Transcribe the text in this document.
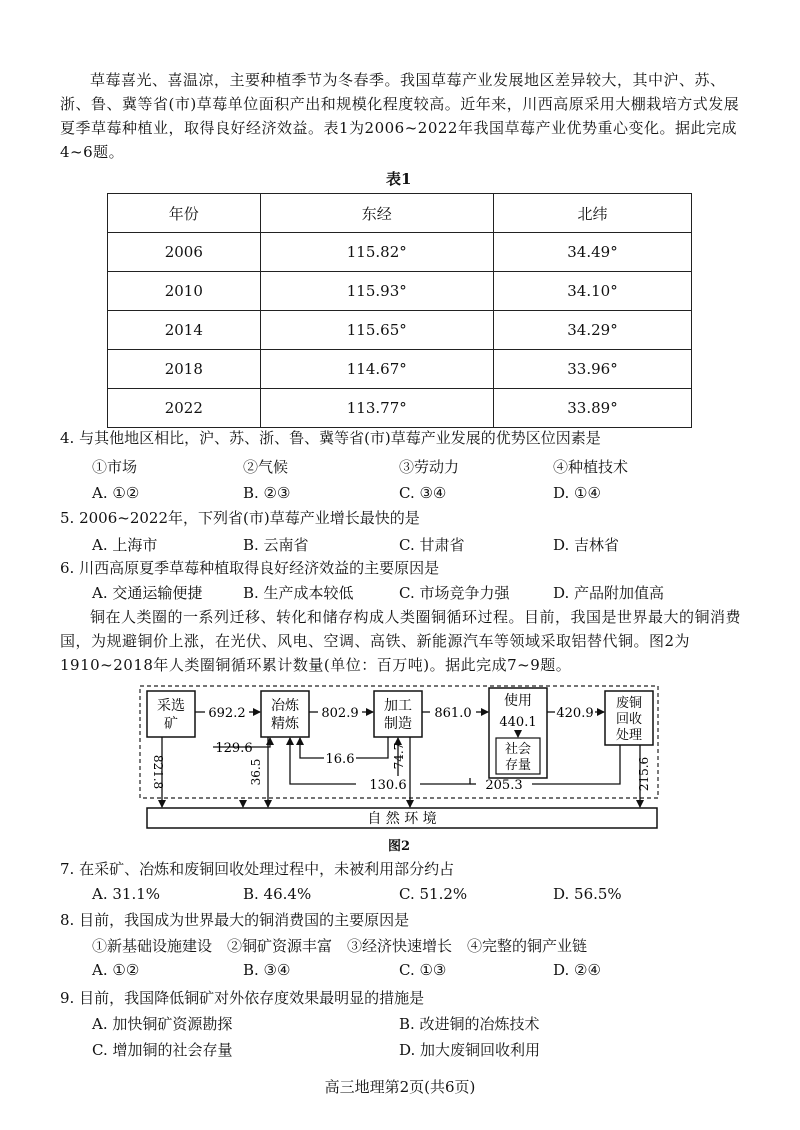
草莓喜光、喜温凉，主要种植季节为冬春季。我国草莓产业发展地区差异较大，其中沪、苏、浙、鲁、冀等省(市)草莓单位面积产出和规模化程度较高。近年来，川西高原采用大棚栽培方式发展夏季草莓种植业，取得良好经济效益。表1为2006~2022年我国草莓产业优势重心变化。据此完成4~6题。

表1
年份	东经	北纬
2006	115.82°	34.49°
2010	115.93°	34.10°
2014	115.65°	34.29°
2018	114.67°	33.96°
2022	113.77°	33.89°
4. 与其他地区相比，沪、苏、浙、鲁、冀等省(市)草莓产业发展的优势区位因素是
①市场	②气候	③劳动力	④种植技术
A. ①②	B. ②③	C. ③④	D. ①④
5. 2006~2022年，下列省(市)草莓产业增长最快的是
A. 上海市	B. 云南省	C. 甘肃省	D. 吉林省
6. 川西高原夏季草莓种植取得良好经济效益的主要原因是
A. 交通运输便捷	B. 生产成本较低	C. 市场竞争力强	D. 产品附加值高

铜在人类圈的一系列迁移、转化和储存构成人类圈铜循环过程。目前，我国是世界最大的铜消费国，为规避铜价上涨，在光伏、风电、空调、高铁、新能源汽车等领域采取铝替代铜。图2为1910~2018年人类圈铜循环累计数量(单位：百万吨)。据此完成7~9题。

采选
矿
冶炼
精炼
加工
制造
使用
440.1
社会
存量
废铜
回收
处理
自 然 环 境
692.2	802.9	861.0	420.9
129.6
16.6
821.8	36.5
74.7
130.6	205.3	215.6
图2
7. 在采矿、冶炼和废铜回收处理过程中，未被利用部分约占
A. 31.1%	B. 46.4%	C. 51.2%	D. 56.5%
8. 目前，我国成为世界最大的铜消费国的主要原因是
①新基础设施建设　②铜矿资源丰富　③经济快速增长　④完整的铜产业链
A. ①②	B. ③④	C. ①③	D. ②④
9. 目前，我国降低铜矿对外依存度效果最明显的措施是
A. 加快铜矿资源勘探	B. 改进铜的冶炼技术
C. 增加铜的社会存量	D. 加大废铜回收利用
高三地理第2页(共6页)
